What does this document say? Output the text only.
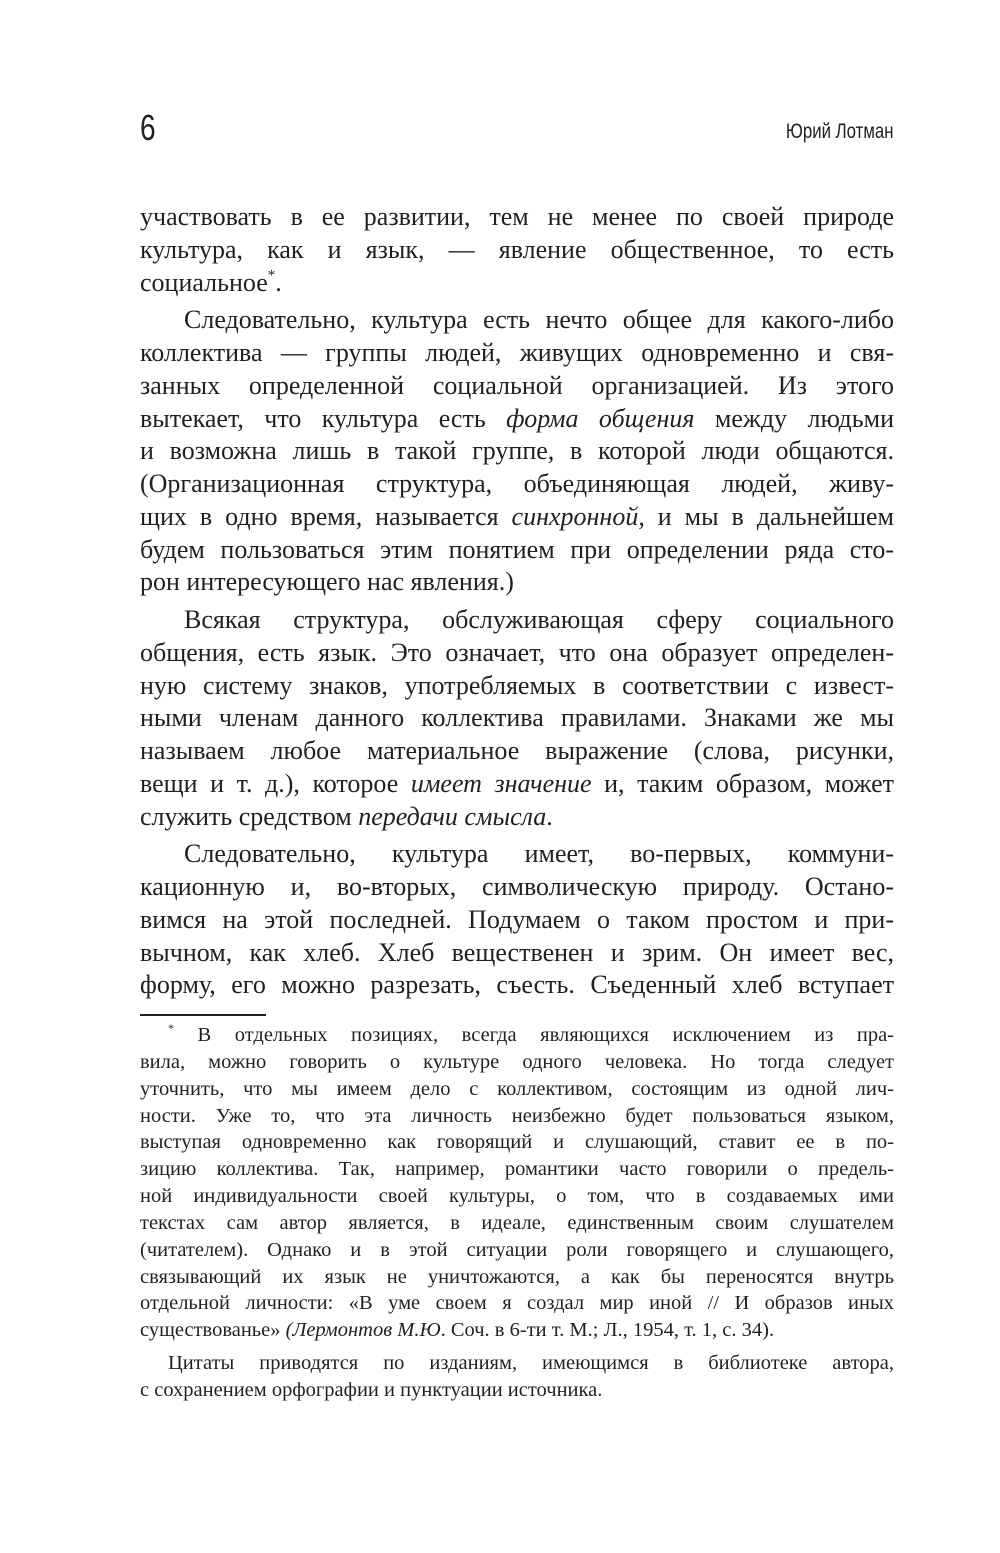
6	Юрий Лотман
участвовать в ее развитии, тем не менее по своей природе
культура, как и язык, — явление общественное, то есть
социальное*.
Следовательно, культура есть нечто общее для какого-либо
коллектива — группы людей, живущих одновременно и свя-
занных определенной социальной организацией. Из этого
вытекает, что культура есть форма общения между людьми
и возможна лишь в такой группе, в которой люди общаются.
(Организационная структура, объединяющая людей, живу-
щих в одно время, называется синхронной, и мы в дальнейшем
будем пользоваться этим понятием при определении ряда сто-
рон интересующего нас явления.)
Всякая структура, обслуживающая сферу социального
общения, есть язык. Это означает, что она образует определен-
ную систему знаков, употребляемых в соответствии с извест-
ными членам данного коллектива правилами. Знаками же мы
называем любое материальное выражение (слова, рисунки,
вещи и т. д.), которое имеет значение и, таким образом, может
служить средством передачи смысла.
Следовательно, культура имеет, во-первых, коммуни-
кационную и, во-вторых, символическую природу. Остано-
вимся на этой последней. Подумаем о таком простом и при-
вычном, как хлеб. Хлеб вещественен и зрим. Он имеет вес,
форму, его можно разрезать, съесть. Съеденный хлеб вступает
* В отдельных позициях, всегда являющихся исключением из пра-
вила, можно говорить о культуре одного человека. Но тогда следует
уточнить, что мы имеем дело с коллективом, состоящим из одной лич-
ности. Уже то, что эта личность неизбежно будет пользоваться языком,
выступая одновременно как говорящий и слушающий, ставит ее в по-
зицию коллектива. Так, например, романтики часто говорили о предель-
ной индивидуальности своей культуры, о том, что в создаваемых ими
текстах сам автор является, в идеале, единственным своим слушателем
(читателем). Однако и в этой ситуации роли говорящего и слушающего,
связывающий их язык не уничтожаются, а как бы переносятся внутрь
отдельной личности: «В уме своем я создал мир иной // И образов иных
существованье» (Лермонтов М.Ю. Соч. в 6-ти т. М.; Л., 1954, т. 1, с. 34).
Цитаты приводятся по изданиям, имеющимся в библиотеке автора,
с сохранением орфографии и пунктуации источника.
